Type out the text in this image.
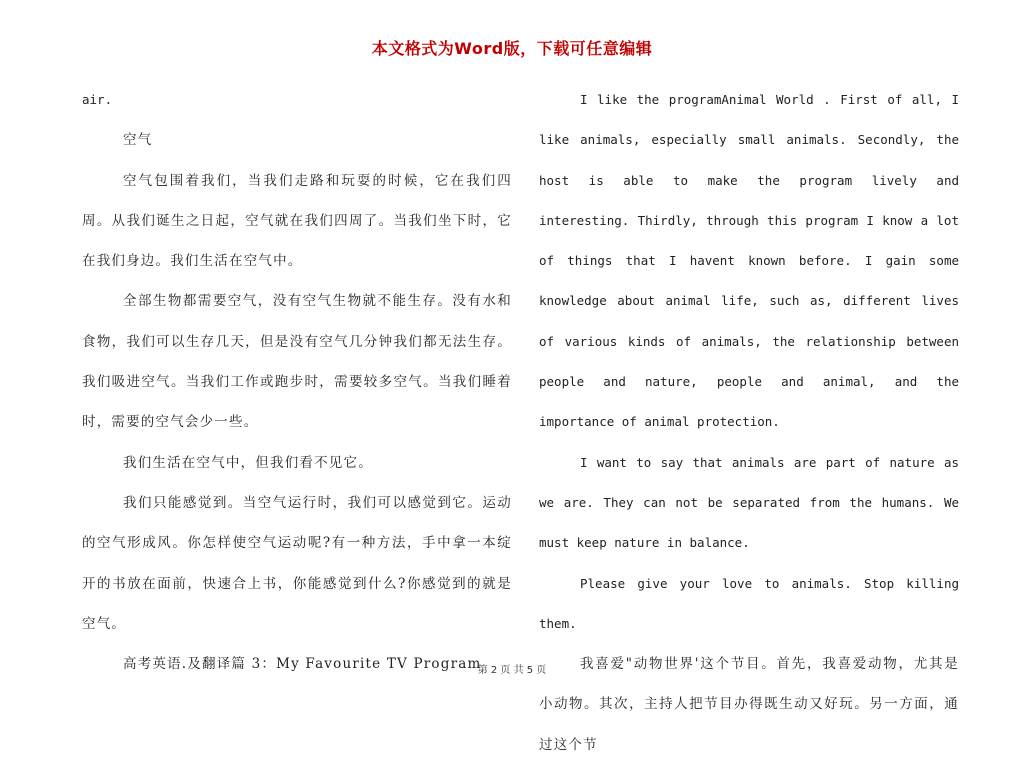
本文格式为Word版，下载可任意编辑

air.

空气

空气包围着我们，当我们走路和玩耍的时候，它在我们四周。从我们诞生之日起，空气就在我们四周了。当我们坐下时，它在我们身边。我们生活在空气中。

全部生物都需要空气，没有空气生物就不能生存。没有水和食物，我们可以生存几天，但是没有空气几分钟我们都无法生存。我们吸进空气。当我们工作或跑步时，需要较多空气。当我们睡着时，需要的空气会少一些。

我们生活在空气中，但我们看不见它。

我们只能感觉到。当空气运行时，我们可以感觉到它。运动的空气形成风。你怎样使空气运动呢?有一种方法，手中拿一本绽开的书放在面前，快速合上书，你能感觉到什么?你感觉到的就是空气。

高考英语.及翻译篇 3：My Favourite TV Program

I like the programAnimal World . First of all, I like animals, especially small animals. Secondly, the host is able to make the program lively and interesting. Thirdly, through this program I know a lot of things that I havent known before. I gain some knowledge about animal life, such as, different lives of various kinds of animals, the relationship between people and nature, people and animal, and the importance of animal protection.

I want to say that animals are part of nature as we are. They can not be separated from the humans. We must keep nature in balance.

Please give your love to animals. Stop killing them.

我喜爱"动物世界'这个节目。首先，我喜爱动物，尤其是小动物。其次，主持人把节目办得既生动又好玩。另一方面，通过这个节

第 2 页 共 5 页
